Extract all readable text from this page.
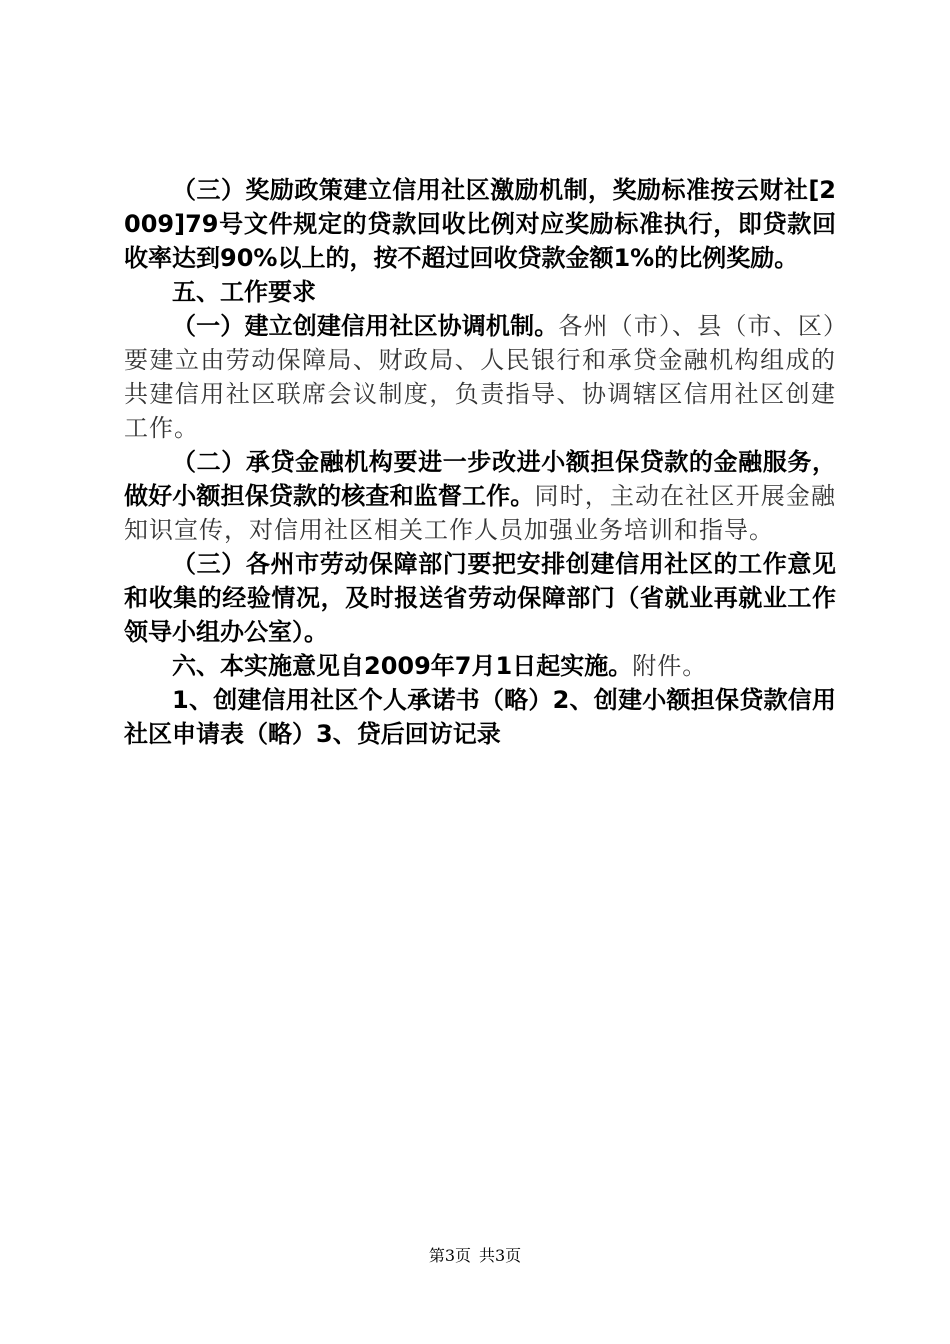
（三）奖励政策建立信用社区激励机制，奖励标准按云财社[2009]79号文件规定的贷款回收比例对应奖励标准执行，即贷款回收率达到90%以上的，按不超过回收贷款金额1%的比例奖励。

五、工作要求

（一）建立创建信用社区协调机制。各州（市）、县（市、区）要建立由劳动保障局、财政局、人民银行和承贷金融机构组成的共建信用社区联席会议制度，负责指导、协调辖区信用社区创建工作。

（二）承贷金融机构要进一步改进小额担保贷款的金融服务，做好小额担保贷款的核查和监督工作。同时，主动在社区开展金融知识宣传，对信用社区相关工作人员加强业务培训和指导。

（三）各州市劳动保障部门要把安排创建信用社区的工作意见和收集的经验情况，及时报送省劳动保障部门（省就业再就业工作领导小组办公室）。

六、本实施意见自2009年7月1日起实施。附件。

1、创建信用社区个人承诺书（略）2、创建小额担保贷款信用社区申请表（略）3、贷后回访记录

第3页 共3页
